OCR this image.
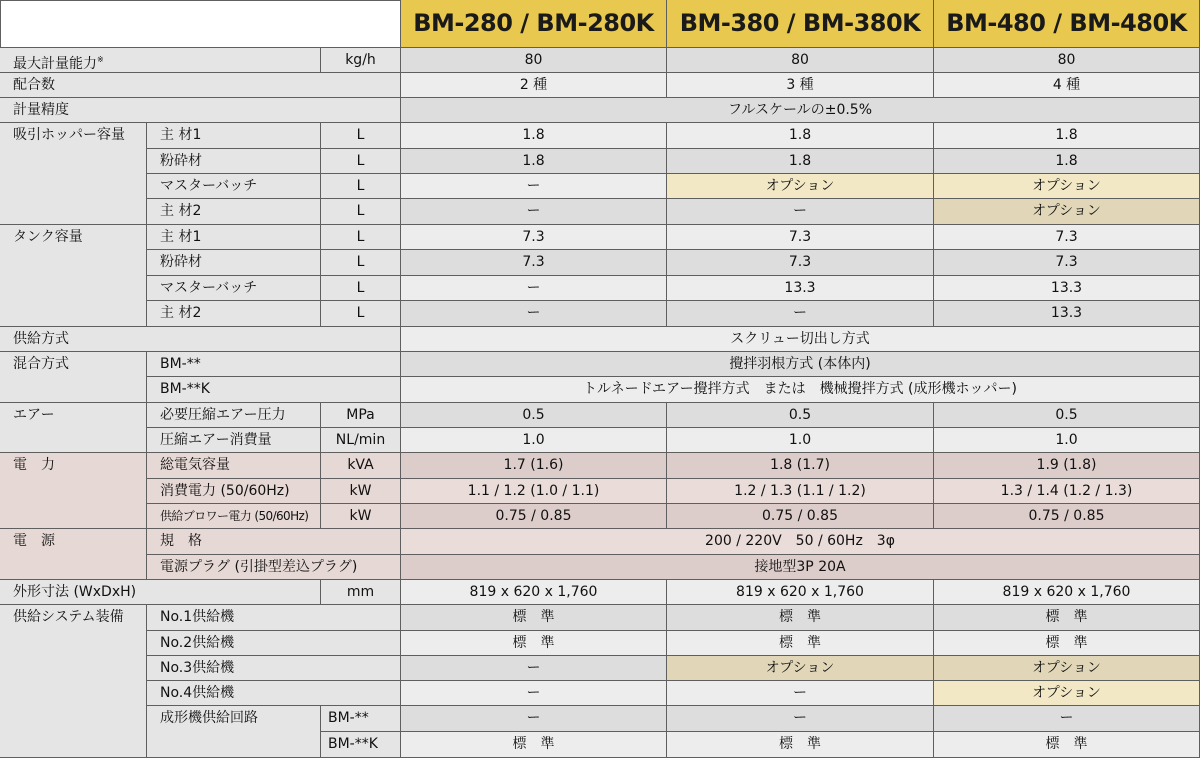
BM-280 / BM-280K	BM-380 / BM-380K	BM-480 / BM-480K
最大計量能力※	kg/h	80	80	80
配合数	2 種	3 種	4 種
計量精度	フルスケールの±0.5%
吸引ホッパー容量	主 材1	L	1.8	1.8	1.8
粉砕材	L	1.8	1.8	1.8
マスターバッチ	L	ー	オプション	オプション
主 材2	L	ー	ー	オプション
タンク容量	主 材1	L	7.3	7.3	7.3
粉砕材	L	7.3	7.3	7.3
マスターバッチ	L	ー	13.3	13.3
主 材2	L	ー	ー	13.3
供給方式	スクリュー切出し方式
混合方式	BM-**	攪拌羽根方式 (本体内)
BM-**K	トルネードエアー攪拌方式　または　機械攪拌方式 (成形機ホッパー)
エアー	必要圧縮エアー圧力	MPa	0.5	0.5	0.5
圧縮エアー消費量	NL/min	1.0	1.0	1.0
電　力	総電気容量	kVA	1.7 (1.6)	1.8 (1.7)	1.9 (1.8)
消費電力 (50/60Hz)	kW	1.1 / 1.2 (1.0 / 1.1)	1.2 / 1.3 (1.1 / 1.2)	1.3 / 1.4 (1.2 / 1.3)
供給ブロワー電力 (50/60Hz)	kW	0.75 / 0.85	0.75 / 0.85	0.75 / 0.85
電　源	規　格	200 / 220V　50 / 60Hz　3φ
電源プラグ (引掛型差込プラグ)	接地型3P 20A
外形寸法 (WxDxH)	mm	819 x 620 x 1,760	819 x 620 x 1,760	819 x 620 x 1,760
供給システム装備	No.1供給機	標　準	標　準	標　準
No.2供給機	標　準	標　準	標　準
No.3供給機	ー	オプション	オプション
No.4供給機	ー	ー	オプション
成形機供給回路	BM-**	ー	ー	ー
BM-**K	標　準	標　準	標　準
